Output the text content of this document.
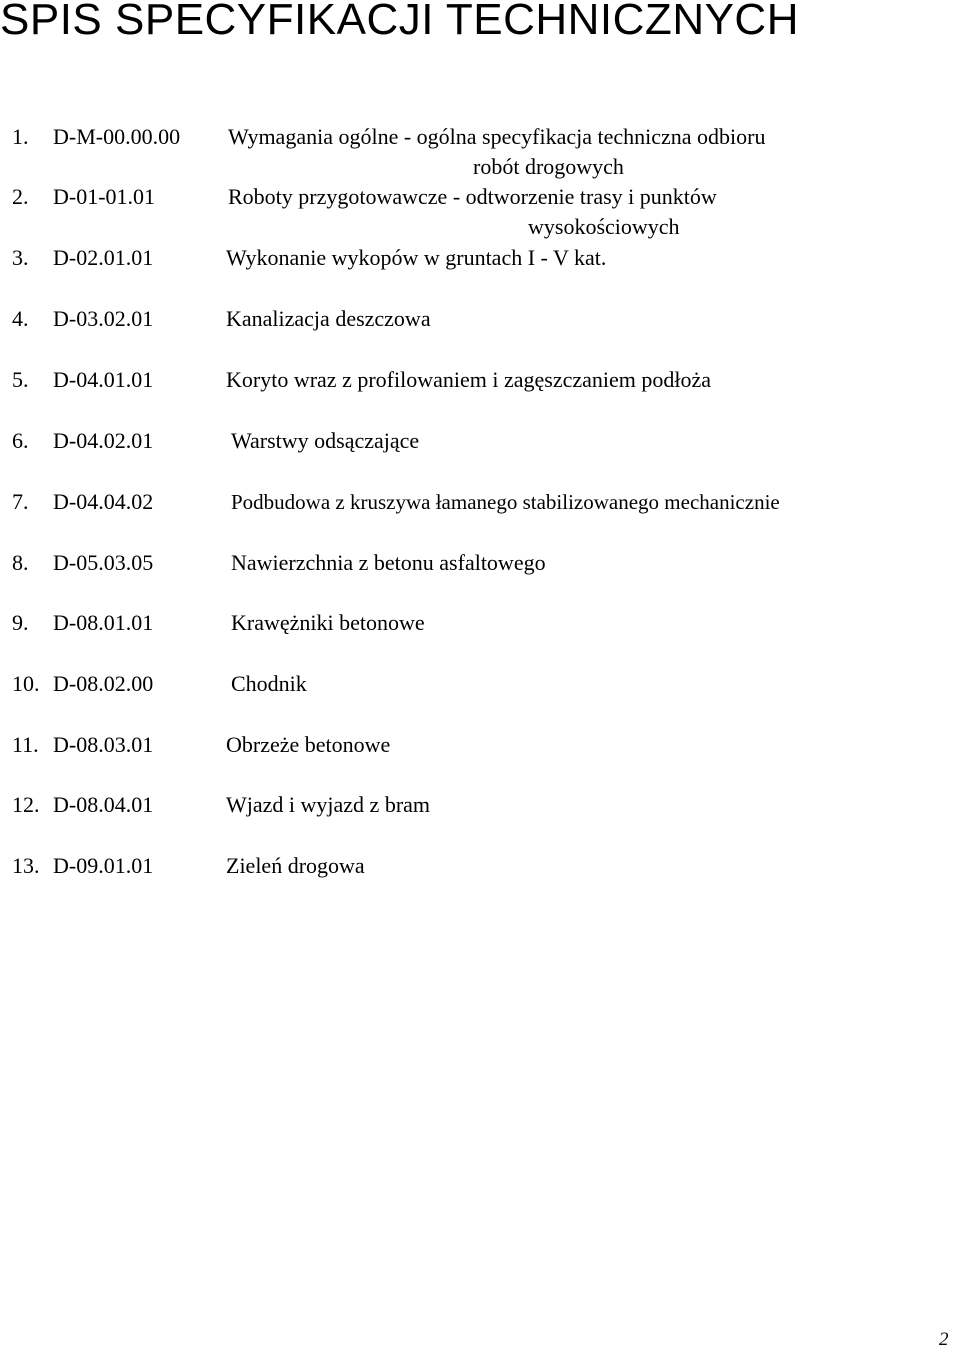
SPIS SPECYFIKACJI TECHNICZNYCH
1. D-M-00.00.00 Wymagania ogólne - ogólna specyfikacja techniczna odbioru
robót drogowych
2. D-01-01.01	Roboty przygotowawcze - odtworzenie trasy i punktów
wysokościowych
3. D-02.01.01	Wykonanie wykopów w gruntach I - V kat.
4. D-03.02.01	Kanalizacja deszczowa
5. D-04.01.01	Koryto wraz z profilowaniem i zagęszczaniem podłoża
6. D-04.02.01	Warstwy odsączające
7. D-04.04.02	Podbudowa z kruszywa łamanego stabilizowanego mechanicznie
8. D-05.03.05	Nawierzchnia z betonu asfaltowego
9. D-08.01.01	Krawężniki betonowe
10. D-08.02.00	Chodnik
11. D-08.03.01	Obrzeże betonowe
12. D-08.04.01	Wjazd i wyjazd z bram
13. D-09.01.01	Zieleń drogowa
2
